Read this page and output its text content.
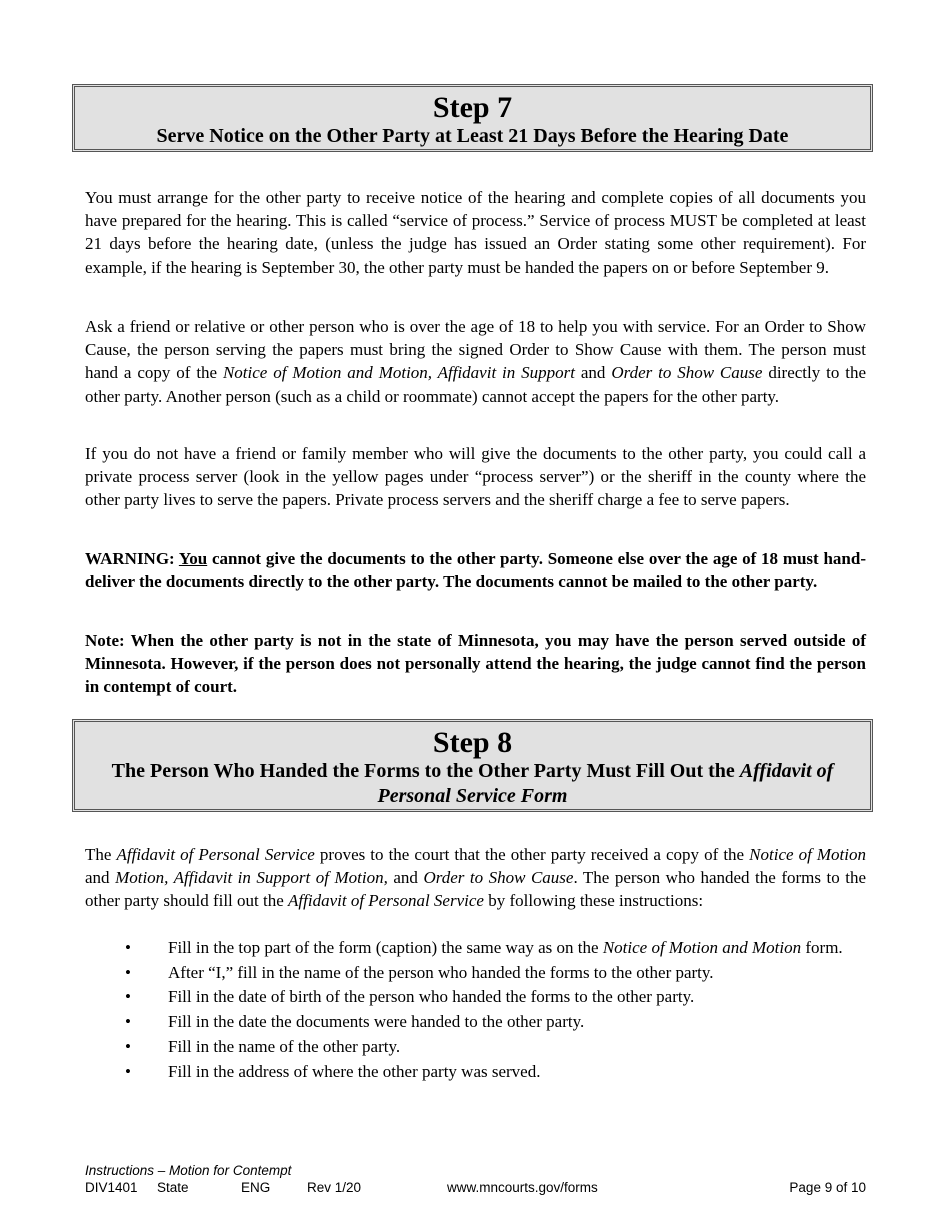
Step 7
Serve Notice on the Other Party at Least 21 Days Before the Hearing Date

You must arrange for the other party to receive notice of the hearing and complete copies of all documents you have prepared for the hearing. This is called “service of process.” Service of process MUST be completed at least 21 days before the hearing date, (unless the judge has issued an Order stating some other requirement). For example, if the hearing is September 30, the other party must be handed the papers on or before September 9.

Ask a friend or relative or other person who is over the age of 18 to help you with service. For an Order to Show Cause, the person serving the papers must bring the signed Order to Show Cause with them. The person must hand a copy of the Notice of Motion and Motion, Affidavit in Support and Order to Show Cause directly to the other party. Another person (such as a child or roommate) cannot accept the papers for the other party.

If you do not have a friend or family member who will give the documents to the other party, you could call a private process server (look in the yellow pages under “process server”) or the sheriff in the county where the other party lives to serve the papers. Private process servers and the sheriff charge a fee to serve papers.

WARNING: You cannot give the documents to the other party. Someone else over the age of 18 must hand-deliver the documents directly to the other party. The documents cannot be mailed to the other party.

Note: When the other party is not in the state of Minnesota, you may have the person served outside of Minnesota. However, if the person does not personally attend the hearing, the judge cannot find the person in contempt of court.

Step 8
The Person Who Handed the Forms to the Other Party Must Fill Out the Affidavit of Personal Service Form

The Affidavit of Personal Service proves to the court that the other party received a copy of the Notice of Motion and Motion, Affidavit in Support of Motion, and Order to Show Cause. The person who handed the forms to the other party should fill out the Affidavit of Personal Service by following these instructions:

• Fill in the top part of the form (caption) the same way as on the Notice of Motion and Motion form.
• After “I,” fill in the name of the person who handed the forms to the other party.
• Fill in the date of birth of the person who handed the forms to the other party.
• Fill in the date the documents were handed to the other party.
• Fill in the name of the other party.
• Fill in the address of where the other party was served.
Instructions – Motion for Contempt
DIV1401 State	ENG	Rev 1/20	www.mncourts.gov/forms	Page 9 of 10
